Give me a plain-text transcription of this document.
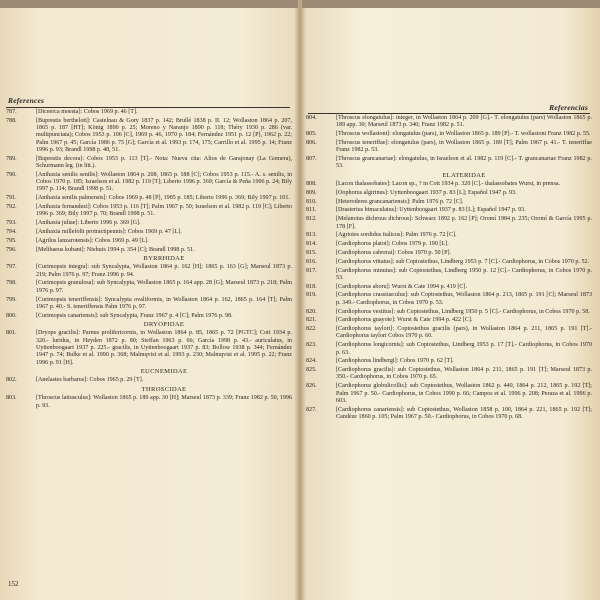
References
787.	[Diceerca moesta]: Cobos 1969 p. 46 [T].
788.	[Buprestis bertheloti]: Castelnau & Gory 1837 p. 142; Brullé 1838 p. II. 12; Wollaston 1864 p. 207, 1865 p. 187 [HT]; König 1890 p. 25; Moreno y Naranjo 1890 p. 118; Théry 1930 p. 286 (var. multipunctata); Cobos 1953 p. 106 [C], 1969 p. 46, 1970 p. 184; Fernández 1951 p. 12 [P], 1962 p. 22; Palm 1967 p. 45; García 1986 p. 75 [G]; García et al. 1993 p. 174, 175; Carrillo et al. 1995 p. 14; Franz 1996 p. 93; Brandl 1998 p. 48, 51.
789.	[Buprestis decora]: Cobos 1953 p. 113 [T].- Nota: Nueva cita: Altos de Garajonay (La Gomera), Schurmann leg. (in litt.).
790.	[Anthaxia senilis senilis]: Wollaston 1864 p. 208, 1865 p. 188 [C]; Cobos 1953 p. 115.- A. s. senilis, in Cobos 1970 p. 185; Israelson et al. 1982 p. 119 [T]; Liberto 1996 p. 369; García & Peña 1996 p. 24; Bily 1997 p. 114; Brandl 1998 p. 51.
791.	[Anthaxia senilis palmensis]: Cobos 1969 p. 48 [P], 1985 p. 185; Liberto 1996 p. 369; Bily 1997 p. 101.
792.	[Anthaxia fernandezi]: Cobos 1953 p. 116 [T]; Palm 1967 p. 50; Israelson et al. 1982 p. 119 [C]; Liberto 1996 p. 369; Bily 1997 p. 70; Brandl 1998 p. 51.
793.	[Anthaxia juliae]: Liberto 1996 p. 369 [G].
794.	[Anthaxia millefolii protractipennis]: Cobos 1969 p. 47 [L].
795.	[Agrilus lanzarotensis]: Cobos 1969 p. 49 [L].
796.	[Melibaeus kubani]: Niehuis 1994 p. 354 [C]; Brandl 1998 p. 51.
BYRRHIDAE
797.	[Curimopsis integra]: sub Syncalypta, Wollaston 1864 p. 162 [H]; 1865 p. 163 [G]; Marseul 1873 p. 219; Palm 1976 p. 97; Franz 1996 p. 94.
798.	[Curimopsis granulosa]: sub Syncalypta, Wollaston 1865 p. 164 app. 28 [G]; Marseul 1873 p. 218; Palm 1976 p. 97.
799.	[Curimopsis teneriffensis]: Syncalypta ovaliformis, in Wollaston 1864 p. 162, 1865 p. 164 [T]; Palm 1967 p. 40.- S. teneriffensis Palm 1976 p. 97.
800.	[Curimopsis canariensis]: sub Syncalypta, Franz 1967 p. 4 [C]; Palm 1976 p. 98.
DRYOPIDAE
801.	[Dryops gracilis]: Parnus prolifericornis, in Wollaston 1864 p. 85, 1865 p. 72 [PGTC]; Cott 1934 p. 320.- luridus, in Heyden 1872 p. 80; Steffan 1963 p. 66; García 1998 p. 43.- auriculatus, in Uyttenboogaart 1937 p. 225.- gracilis, in Uyttenboogaart 1937 p. 83; Bollow 1938 p. 344; Fernández 1947 p. 74; Bulke et al. 1990 p. 368; Malmqvist et al. 1993 p. 230; Malmqvist et al. 1995 p. 22; Franz 1996 p. 91 [H].
EUCNEMIDAE
802.	[Anelastes barbarus]: Cobos 1965 p. 29 [T].
THROSCIDAE
803.	[Throscus latiusculus]: Wollaston 1865 p. 189 app. 30 [H]; Marseul 1873 p. 339; Franz 1982 p. 50, 1996 p. 93.
152
Referencias
804.	[Throscus elongatulus]: integer, in Wollaston 1864 p. 209 [G].- T. elongatulus (pars) Wollaston 1865 p. 189 app. 30; Marseul 1873 p. 340; Franz 1982 p. 51.
805.	[Throscus wollastoni]: elongatulus (pars), in Wollaston 1865 p. 189 [P].- T. wollastoni Franz 1982 p. 55.
806.	[Throscus teneriffae]: elongatulus (pars), in Wollaston 1865 p. 189 [T]; Palm 1967 p. 41.- T. teneriffae Franz 1982 p. 53.
807.	[Throscus grancanariae]: elongatulus, in Israelson et al. 1982 p. 119 [C].- T. grancanariae Franz 1982 p. 53.
ELATERIDAE
808.	[Lacon thalassobates]: Lacon sp., ? in Cott 1934 p. 320 [C].- thalassobates Wurst, in prensa.
809.	[Oophorus algirinus]: Uyttenboogaart 1937 p. 83 [L]; Español 1947 p. 93.
810.	[Heteroderes grancanariensis]: Palm 1976 p. 72 [C].
811.	[Drasterius bimaculatus]: Uyttenboogaart 1937 p. 83 [L]; Español 1947 p. 93.
812.	[Melanotus dichrous dichrous]: Schwarz 1892 p. 162 [P]; Oromí 1984 p. 235; Oromí & García 1995 p. 178 [F].
813.	[Agriotes sordidus italicus]: Palm 1976 p. 72 [C].
814.	[Cardiophorus platoi]: Cobos 1979 p. 190 [L].
815.	[Cardiophorus cabrerai]: Cobos 1970 p. 50 [P].
816.	[Cardiophorus vittatus]: sub Coptostethus, Lindberg 1953 p. 7 [C].- Cardiophorus, in Cobos 1970 p. 52.
817.	[Cardiophorus minutus]: sub Coptostethus, Lindberg 1950 p. 12 [C].- Cardiophorus, in Cobos 1970 p. 53.
818.	[Cardiophorus aboru]: Wurst & Cate 1994 p. 419 [C].
819.	[Cardiophorus crassiusculus]: sub Coptostethus, Wollaston 1864 p. 213, 1865 p. 191 [C]; Marseul 1873 p. 349.- Cardiophorus, in Cobos 1970 p. 53.
820.	[Cardiophorus vestitus]: sub Coptostethus, Lindberg 1950 p. 5 [C].- Cardiophorus, in Cobos 1970 p. 58.
821.	[Cardiophorus guayote]: Wurst & Cate 1994 p. 422 [C].
822.	[Cardiophorus taylori]: Coptostethus gracilis (pars), in Wollaston 1864 p. 211, 1865 p. 191 [T].- Cardiophorus taylori Cobos 1970 p. 60.
823.	[Cardiophorus longicornis]: sub Coptostethus, Lindberg 1953 p. 17 [T].- Cardiophorus, in Cobos 1970 p. 63.
824.	[Cardiophorus lindbergi]: Cobos 1970 p. 62 [T].
825.	[Cardiophorus gracilis]: sub Coptostethus, Wollaston 1864 p. 211, 1865 p. 191 [T]; Marseul 1873 p. 350.- Cardiophorus, in Cobos 1970 p. 65.
826.	[Cardiophorus globulicollis]: sub Coptostethus, Wollaston 1862 p. 440, 1864 p. 212, 1865 p. 192 [T]; Palm 1967 p. 50.- Cardiophorus, in Cobos 1990 p. 66; Campos et al. 1996 p. 208; Peraza et al. 1996 p. 603.
827.	[Cardiophorus canariensis]: sub Coptostethus, Wollaston 1858 p. 100, 1864 p. 221, 1865 p. 192 [T]; Candèze 1860 p. 105; Palm 1967 p. 50.- Cardiophorus, in Cobos 1970 p. 68.
